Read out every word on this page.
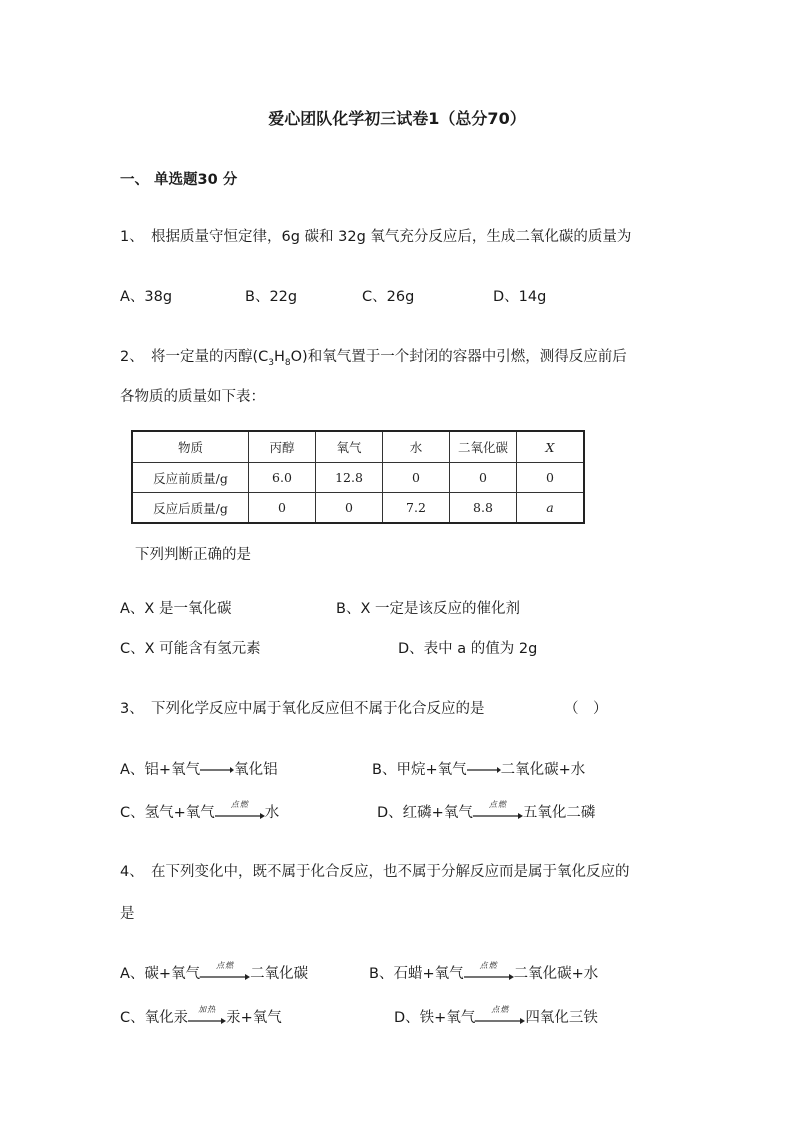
爱心团队化学初三试卷1（总分70）
一、 单选题30 分
1、　根据质量守恒定律，6g 碳和 32g 氧气充分反应后，生成二氧化碳的质量为
A、38g	B、22g	C、26g	D、14g
2、　将一定量的丙醇$(C_3H_8O)$和氧气置于一个封闭的容器中引燃，测得反应前后
各物质的质量如下表：
物质	丙醇	氧气	水	二氧化碳	X
反应前质量/g	6.0	12.8	0	0	0
反应后质量/g	0	0	7.2	8.8	a
下列判断正确的是
A、X 是一氧化碳	B、X 一定是该反应的催化剂
C、X 可能含有氢元素	D、表中 a 的值为 2g
3、　下列化学反应中属于氧化反应但不属于化合反应的是	（　）
A、铝+氧气→氧化铝	B、甲烷+氧气→二氧化碳+水
C、氢气+氧气
点燃
水	D、红磷+氧气
点燃
五氧化二磷
4、　在下列变化中，既不属于化合反应，也不属于分解反应而是属于氧化反应的
是
A、碳+氧气
点燃
二氧化碳	B、石蜡+氧气
点燃
二氧化碳+水
C、氧化汞
加热
汞+氧气	D、铁+氧气
点燃
四氧化三铁
